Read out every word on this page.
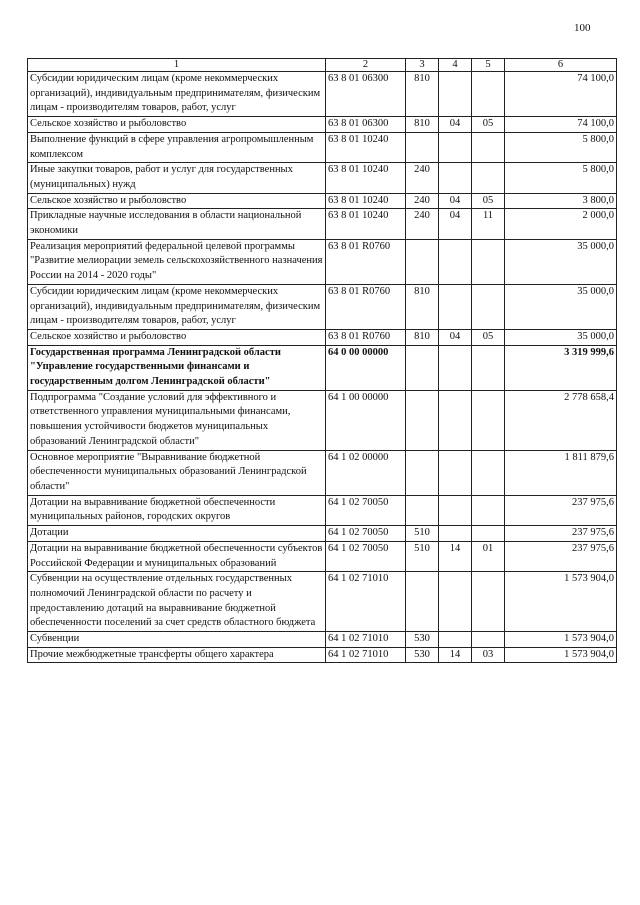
100
1	2	3	4	5	6
Субсидии юридическим лицам (кроме некоммерческих организаций), индивидуальным предпринимателям, физическим лицам - производителям товаров, работ, услуг	63 8 01 06300	810			74 100,0
Сельское хозяйство и рыболовство	63 8 01 06300	810	04	05	74 100,0
Выполнение функций в сфере управления агропромышленным комплексом	63 8 01 10240				5 800,0
Иные закупки товаров, работ и услуг для государственных (муниципальных) нужд	63 8 01 10240	240			5 800,0
Сельское хозяйство и рыболовство	63 8 01 10240	240	04	05	3 800,0
Прикладные научные исследования в области национальной экономики	63 8 01 10240	240	04	11	2 000,0
Реализация мероприятий федеральной целевой программы "Развитие мелиорации земель сельскохозяйственного назначения России на 2014 - 2020 годы"	63 8 01 R0760				35 000,0
Субсидии юридическим лицам (кроме некоммерческих организаций), индивидуальным предпринимателям, физическим лицам - производителям товаров, работ, услуг	63 8 01 R0760	810			35 000,0
Сельское хозяйство и рыболовство	63 8 01 R0760	810	04	05	35 000,0
Государственная программа Ленинградской области "Управление государственными финансами и государственным долгом Ленинградской области"	64 0 00 00000				3 319 999,6
Подпрограмма "Создание условий для эффективного и ответственного управления муниципальными финансами, повышения устойчивости бюджетов муниципальных образований Ленинградской области"	64 1 00 00000				2 778 658,4
Основное мероприятие "Выравнивание бюджетной обеспеченности муниципальных образований Ленинградской области"	64 1 02 00000				1 811 879,6
Дотации на выравнивание бюджетной обеспеченности муниципальных районов, городских округов	64 1 02 70050				237 975,6
Дотации	64 1 02 70050	510			237 975,6
Дотации на выравнивание бюджетной обеспеченности субъектов Российской Федерации и муниципальных образований	64 1 02 70050	510	14	01	237 975,6
Субвенции на осуществление отдельных государственных полномочий Ленинградской области по расчету и предоставлению дотаций на выравнивание бюджетной обеспеченности поселений за счет средств областного бюджета	64 1 02 71010				1 573 904,0
Субвенции	64 1 02 71010	530			1 573 904,0
Прочие межбюджетные трансферты общего характера	64 1 02 71010	530	14	03	1 573 904,0
